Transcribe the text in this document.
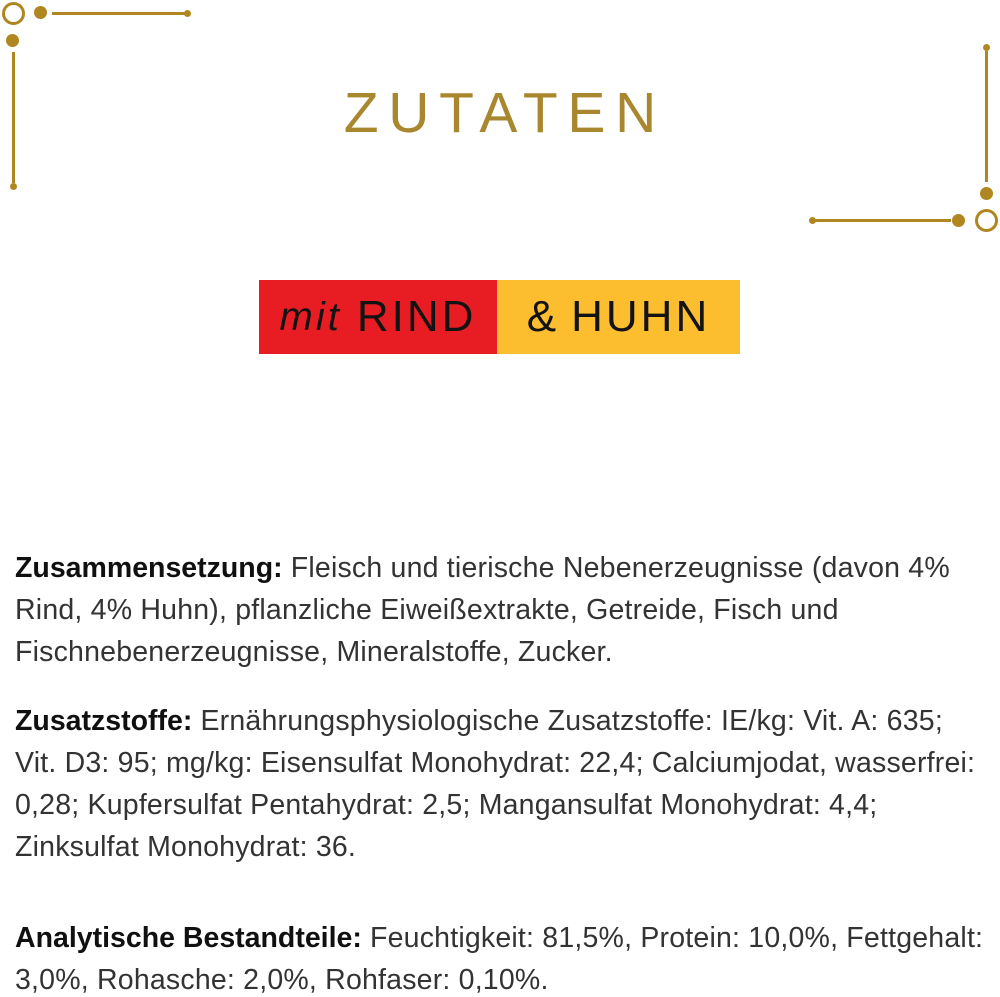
ZUTATEN
mit RIND & HUHN

Zusammensetzung: Fleisch und tierische Nebenerzeugnisse (davon 4% Rind, 4% Huhn), pflanzliche Eiweißextrakte, Getreide, Fisch und Fischnebenerzeugnisse, Mineralstoffe, Zucker.

Zusatzstoffe: Ernährungsphysiologische Zusatzstoffe: IE/kg: Vit. A: 635; Vit. D3: 95; mg/kg: Eisensulfat Monohydrat: 22,4; Calciumjodat, wasserfrei: 0,28; Kupfersulfat Pentahydrat: 2,5; Mangansulfat Monohydrat: 4,4; Zinksulfat Monohydrat: 36.

Analytische Bestandteile: Feuchtigkeit: 81,5%, Protein: 10,0%, Fettgehalt: 3,0%, Rohasche: 2,0%, Rohfaser: 0,10%.
